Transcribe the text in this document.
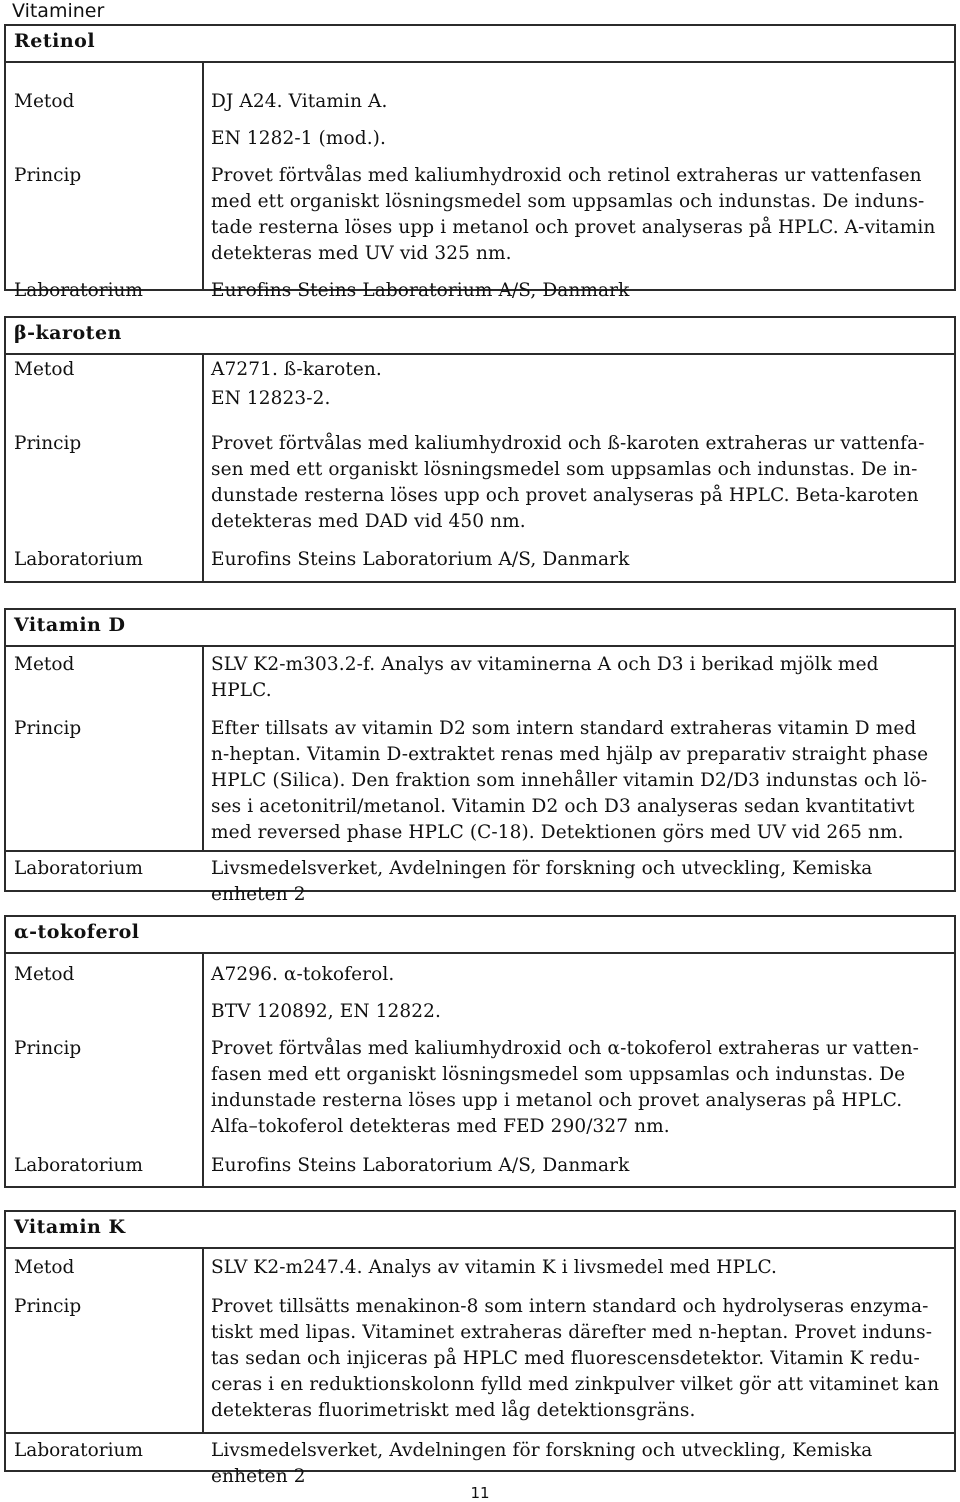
Vitaminer
Retinol
Metod	DJ A24. Vitamin A.
EN 1282-1 (mod.).
Princip	Provet förtvålas med kaliumhydroxid och retinol extraheras ur vattenfasen
med ett organiskt lösningsmedel som uppsamlas och indunstas. De induns-
tade resterna löses upp i metanol och provet analyseras på HPLC. A-vitamin
detekteras med UV vid 325 nm.
Laboratorium	Eurofins Steins Laboratorium A/S, Danmark
β-karoten
Metod	A7271. ß-karoten.
EN 12823-2.
Princip	Provet förtvålas med kaliumhydroxid och ß-karoten extraheras ur vattenfa-
sen med ett organiskt lösningsmedel som uppsamlas och indunstas. De in-
dunstade resterna löses upp och provet analyseras på HPLC. Beta-karoten
detekteras med DAD vid 450 nm.
Laboratorium	Eurofins Steins Laboratorium A/S, Danmark
Vitamin D
Metod	SLV K2-m303.2-f. Analys av vitaminerna A och D3 i berikad mjölk med
HPLC.
Princip	Efter tillsats av vitamin D2 som intern standard extraheras vitamin D med
n-heptan. Vitamin D-extraktet renas med hjälp av preparativ straight phase
HPLC (Silica). Den fraktion som innehåller vitamin D2/D3 indunstas och lö-
ses i acetonitril/metanol. Vitamin D2 och D3 analyseras sedan kvantitativt
med reversed phase HPLC (C-18). Detektionen görs med UV vid 265 nm.
Laboratorium	Livsmedelsverket, Avdelningen för forskning och utveckling, Kemiska enheten 2
α-tokoferol
Metod	A7296. α-tokoferol.
BTV 120892, EN 12822.
Princip	Provet förtvålas med kaliumhydroxid och α-tokoferol extraheras ur vatten-
fasen med ett organiskt lösningsmedel som uppsamlas och indunstas. De
indunstade resterna löses upp i metanol och provet analyseras på HPLC.
Alfa–tokoferol detekteras med FED 290/327 nm.
Laboratorium	Eurofins Steins Laboratorium A/S, Danmark
Vitamin K
Metod	SLV K2-m247.4. Analys av vitamin K i livsmedel med HPLC.
Princip	Provet tillsätts menakinon-8 som intern standard och hydrolyseras enzyma-
tiskt med lipas. Vitaminet extraheras därefter med n-heptan. Provet induns-
tas sedan och injiceras på HPLC med fluorescensdetektor. Vitamin K redu-
ceras i en reduktionskolonn fylld med zinkpulver vilket gör att vitaminet kan
detekteras fluorimetriskt med låg detektionsgräns.
Laboratorium	Livsmedelsverket, Avdelningen för forskning och utveckling, Kemiska enheten 2
11
